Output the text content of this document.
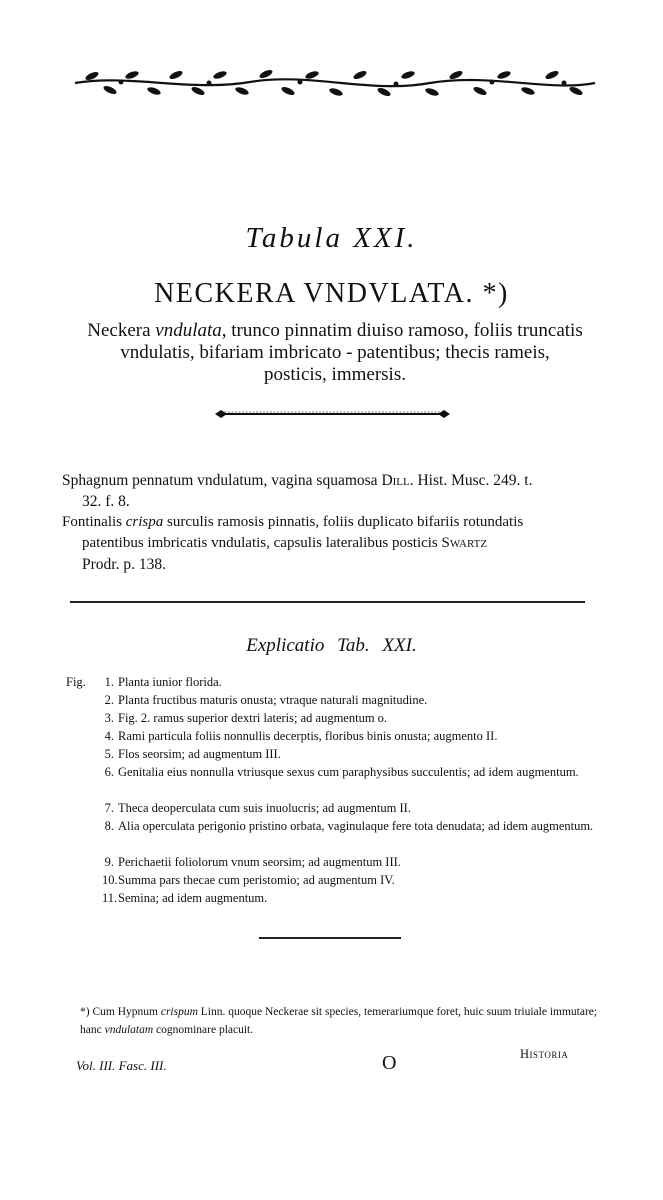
Tabula XXI.
NECKERA VNDVLATA. *)
Neckera vndulata, trunco pinnatim diuiso ramoso, foliis truncatis
vndulatis, bifariam imbricato - patentibus; thecis rameis,
posticis, immersis.
Sphagnum pennatum vndulatum, vagina squamosa Dill. Hist. Musc. 249. t.
32. f. 8.
Fontinalis crispa surculis ramosis pinnatis, foliis duplicato bifariis rotundatis
patentibus imbricatis vndulatis, capsulis lateralibus posticis Swartz
Prodr. p. 138.
Explicatio Tab. XXI.
Fig. 1. Planta iunior florida.
2. Planta fructibus maturis onusta; vtraque naturali magnitudine.
3. Fig. 2. ramus superior dextri lateris; ad augmentum o.
4. Rami particula foliis nonnullis decerptis, floribus binis onusta; augmento II.
5. Flos seorsim; ad augmentum III.
6. Genitalia eius nonnulla vtriusque sexus cum paraphysibus succulentis; ad idem augmentum.
7. Theca deoperculata cum suis inuolucris; ad augmentum II.
8. Alia operculata perigonio pristino orbata, vaginulaque fere tota denudata; ad idem augmentum.
9. Perichaetii foliolorum vnum seorsim; ad augmentum III.
10. Summa pars thecae cum peristomio; ad augmentum IV.
11. Semina; ad idem augmentum.
*) Cum Hypnum crispum Linn. quoque Neckerae sit species, temerariumque foret, huic suum triuiale immutare; hanc vndulatam cognominare placuit.
Vol. III. Fasc. III.	O	Historia
